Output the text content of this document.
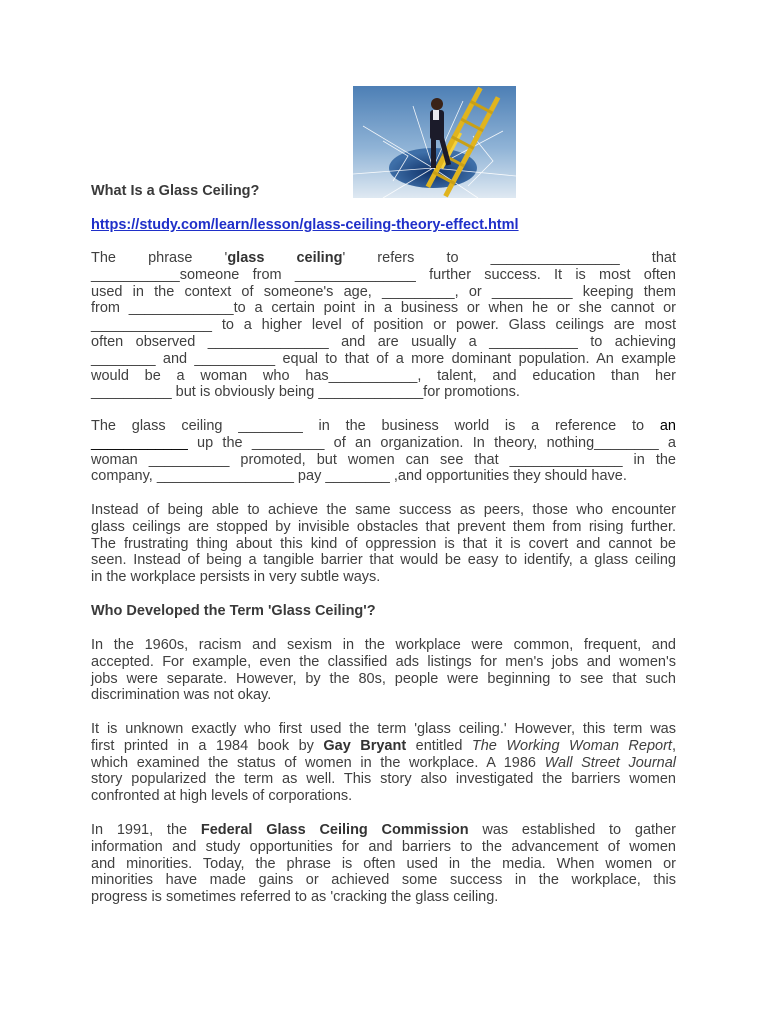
What Is a Glass Ceiling?
https://study.com/learn/lesson/glass-ceiling-theory-effect.html

The phrase 'glass ceiling' refers to ________________ that
___________someone from _______________ further success. It is most often
used in the context of someone's age, _________, or __________ keeping them
from _____________to a certain point in a business or when he or she cannot or
_______________ to a higher level of position or power. Glass ceilings are most
often observed _______________ and are usually a ___________ to achieving
________ and __________ equal to that of a more dominant population. An example
would be a woman who has___________, talent, and education than her
__________ but is obviously being _____________for promotions.

The glass ceiling ________ in the business world is a reference to an
____________ up the _________ of an organization. In theory, nothing________ a
woman __________ promoted, but women can see that ______________ in the
company, _________________ pay ________ ,and opportunities they should have.

Instead of being able to achieve the same success as peers, those who encounter
glass ceilings are stopped by invisible obstacles that prevent them from rising further.
The frustrating thing about this kind of oppression is that it is covert and cannot be
seen. Instead of being a tangible barrier that would be easy to identify, a glass ceiling
in the workplace persists in very subtle ways.

Who Developed the Term 'Glass Ceiling'?

In the 1960s, racism and sexism in the workplace were common, frequent, and
accepted. For example, even the classified ads listings for men's jobs and women's
jobs were separate. However, by the 80s, people were beginning to see that such
discrimination was not okay.

It is unknown exactly who first used the term 'glass ceiling.' However, this term was
first printed in a 1984 book by Gay Bryant entitled The Working Woman Report,
which examined the status of women in the workplace. A 1986 Wall Street Journal
story popularized the term as well. This story also investigated the barriers women
confronted at high levels of corporations.

In 1991, the Federal Glass Ceiling Commission was established to gather
information and study opportunities for and barriers to the advancement of women
and minorities. Today, the phrase is often used in the media. When women or
minorities have made gains or achieved some success in the workplace, this
progress is sometimes referred to as 'cracking the glass ceiling.
